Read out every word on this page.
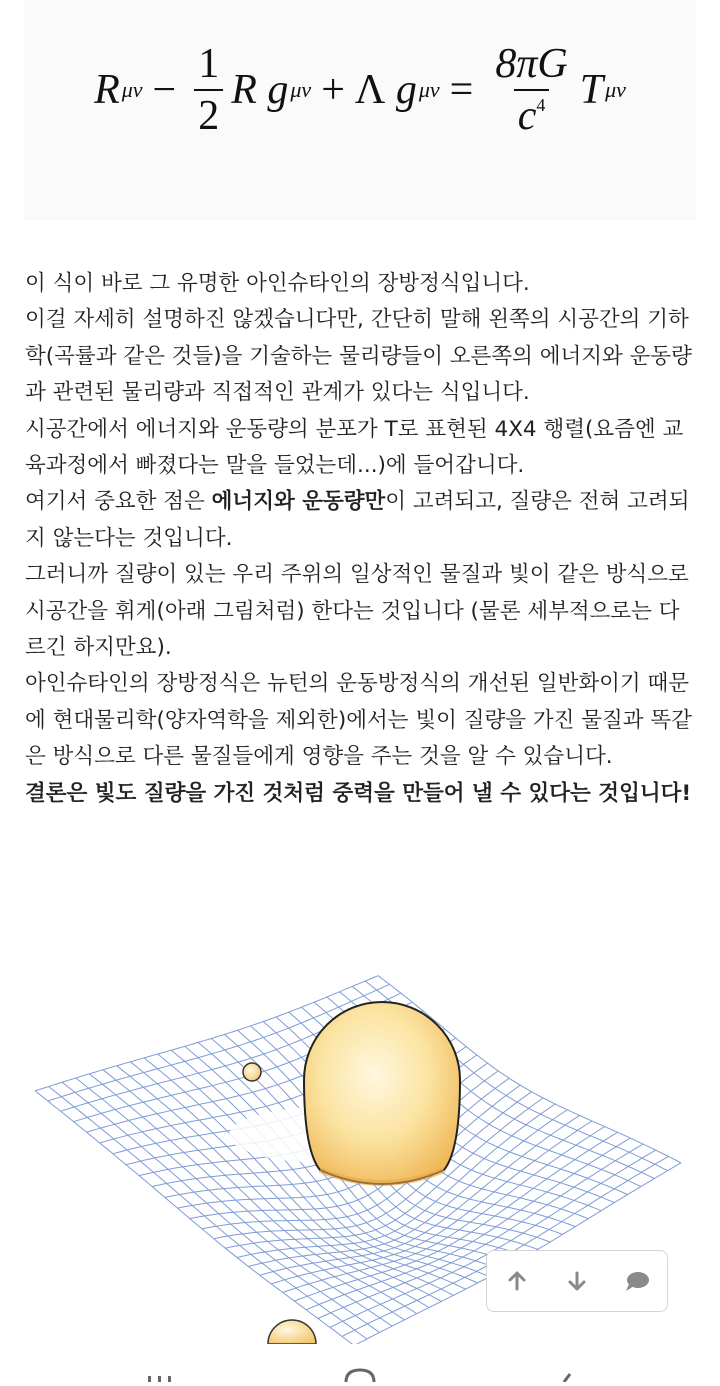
R $\mu\nu - \frac{1}{2}$ R
g μν + Λ
g $\mu\nu = \frac{8\pi G}{c^4}$ T μν

이 식이 바로 그 유명한 아인슈타인의 장방정식입니다.

이걸 자세히 설명하진 않겠습니다만, 간단히 말해 왼쪽의 시공간의 기하학(곡률과 같은 것들)을 기술하는 물리량들이 오른쪽의 에너지와 운동량과 관련된 물리량과 직접적인 관계가 있다는 식입니다.

시공간에서 에너지와 운동량의 분포가 T로 표현된 4X4 행렬(요즘엔 교육과정에서 빠졌다는 말을 들었는데...)에 들어갑니다.

여기서 중요한 점은 에너지와 운동량만이 고려되고, 질량은 전혀 고려되지 않는다는 것입니다.

그러니까 질량이 있는 우리 주위의 일상적인 물질과 빛이 같은 방식으로 시공간을 휘게(아래 그림처럼) 한다는 것입니다 (물론 세부적으로는 다르긴 하지만요).

아인슈타인의 장방정식은 뉴턴의 운동방정식의 개선된 일반화이기 때문에 현대물리학(양자역학을 제외한)에서는 빛이 질량을 가진 물질과 똑같은 방식으로 다른 물질들에게 영향을 주는 것을 알 수 있습니다.

결론은 빛도 질량을 가진 것처럼 중력을 만들어 낼 수 있다는 것입니다!
